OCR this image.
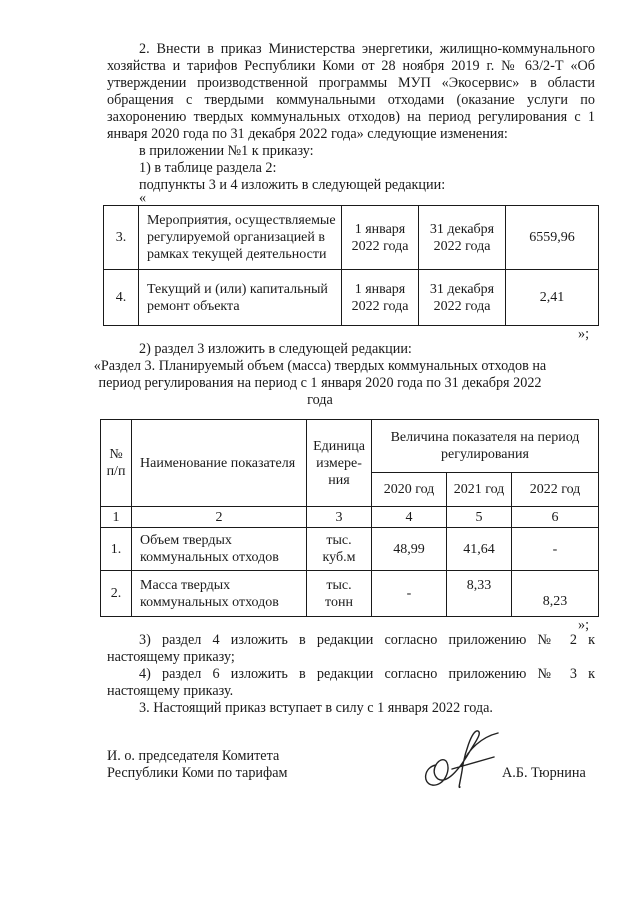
2. Внести в приказ Министерства энергетики, жилищно-коммунального
хозяйства и тарифов Республики Коми от 28 ноября 2019 г. № 63/2-Т «Об
утверждении производственной программы МУП «Экосервис» в области
обращения с твердыми коммунальными отходами (оказание услуги по
захоронению твердых коммунальных отходов) на период регулирования с 1
января 2020 года по 31 декабря 2022 года» следующие изменения:
в приложении №1 к приказу:
1) в таблице раздела 2:
подпункты 3 и 4 изложить в следующей редакции:
«
3.	Мероприятия, осуществляемые регулируемой организацией в рамках текущей деятельности	1 января 2022 года	31 декабря 2022 года	6559,96
4.	Текущий и (или) капитальный ремонт объекта	1 января 2022 года	31 декабря 2022 года	2,41
»;
2) раздел 3 изложить в следующей редакции:
«Раздел 3. Планируемый объем (масса) твердых коммунальных отходов на
период регулирования на период с 1 января 2020 года по 31 декабря 2022
года
№ п/п	Наименование показателя	Единица измере-ния	Величина показателя на период регулирования		
			2020 год	2021 год	2022 год
1	2	3	4	5	6
1.	Объем твердых коммунальных отходов	тыс. куб.м	48,99	41,64	-
2.	Масса твердых коммунальных отходов	тыс. тонн	-	8,33	8,23
»;
3) раздел 4 изложить в редакции согласно приложению № 2 к
настоящему приказу;
4) раздел 6 изложить в редакции согласно приложению № 3 к
настоящему приказу.
3. Настоящий приказ вступает в силу с 1 января 2022 года.
И. о. председателя Комитета
Республики Коми по тарифам	А.Б. Тюрнина
